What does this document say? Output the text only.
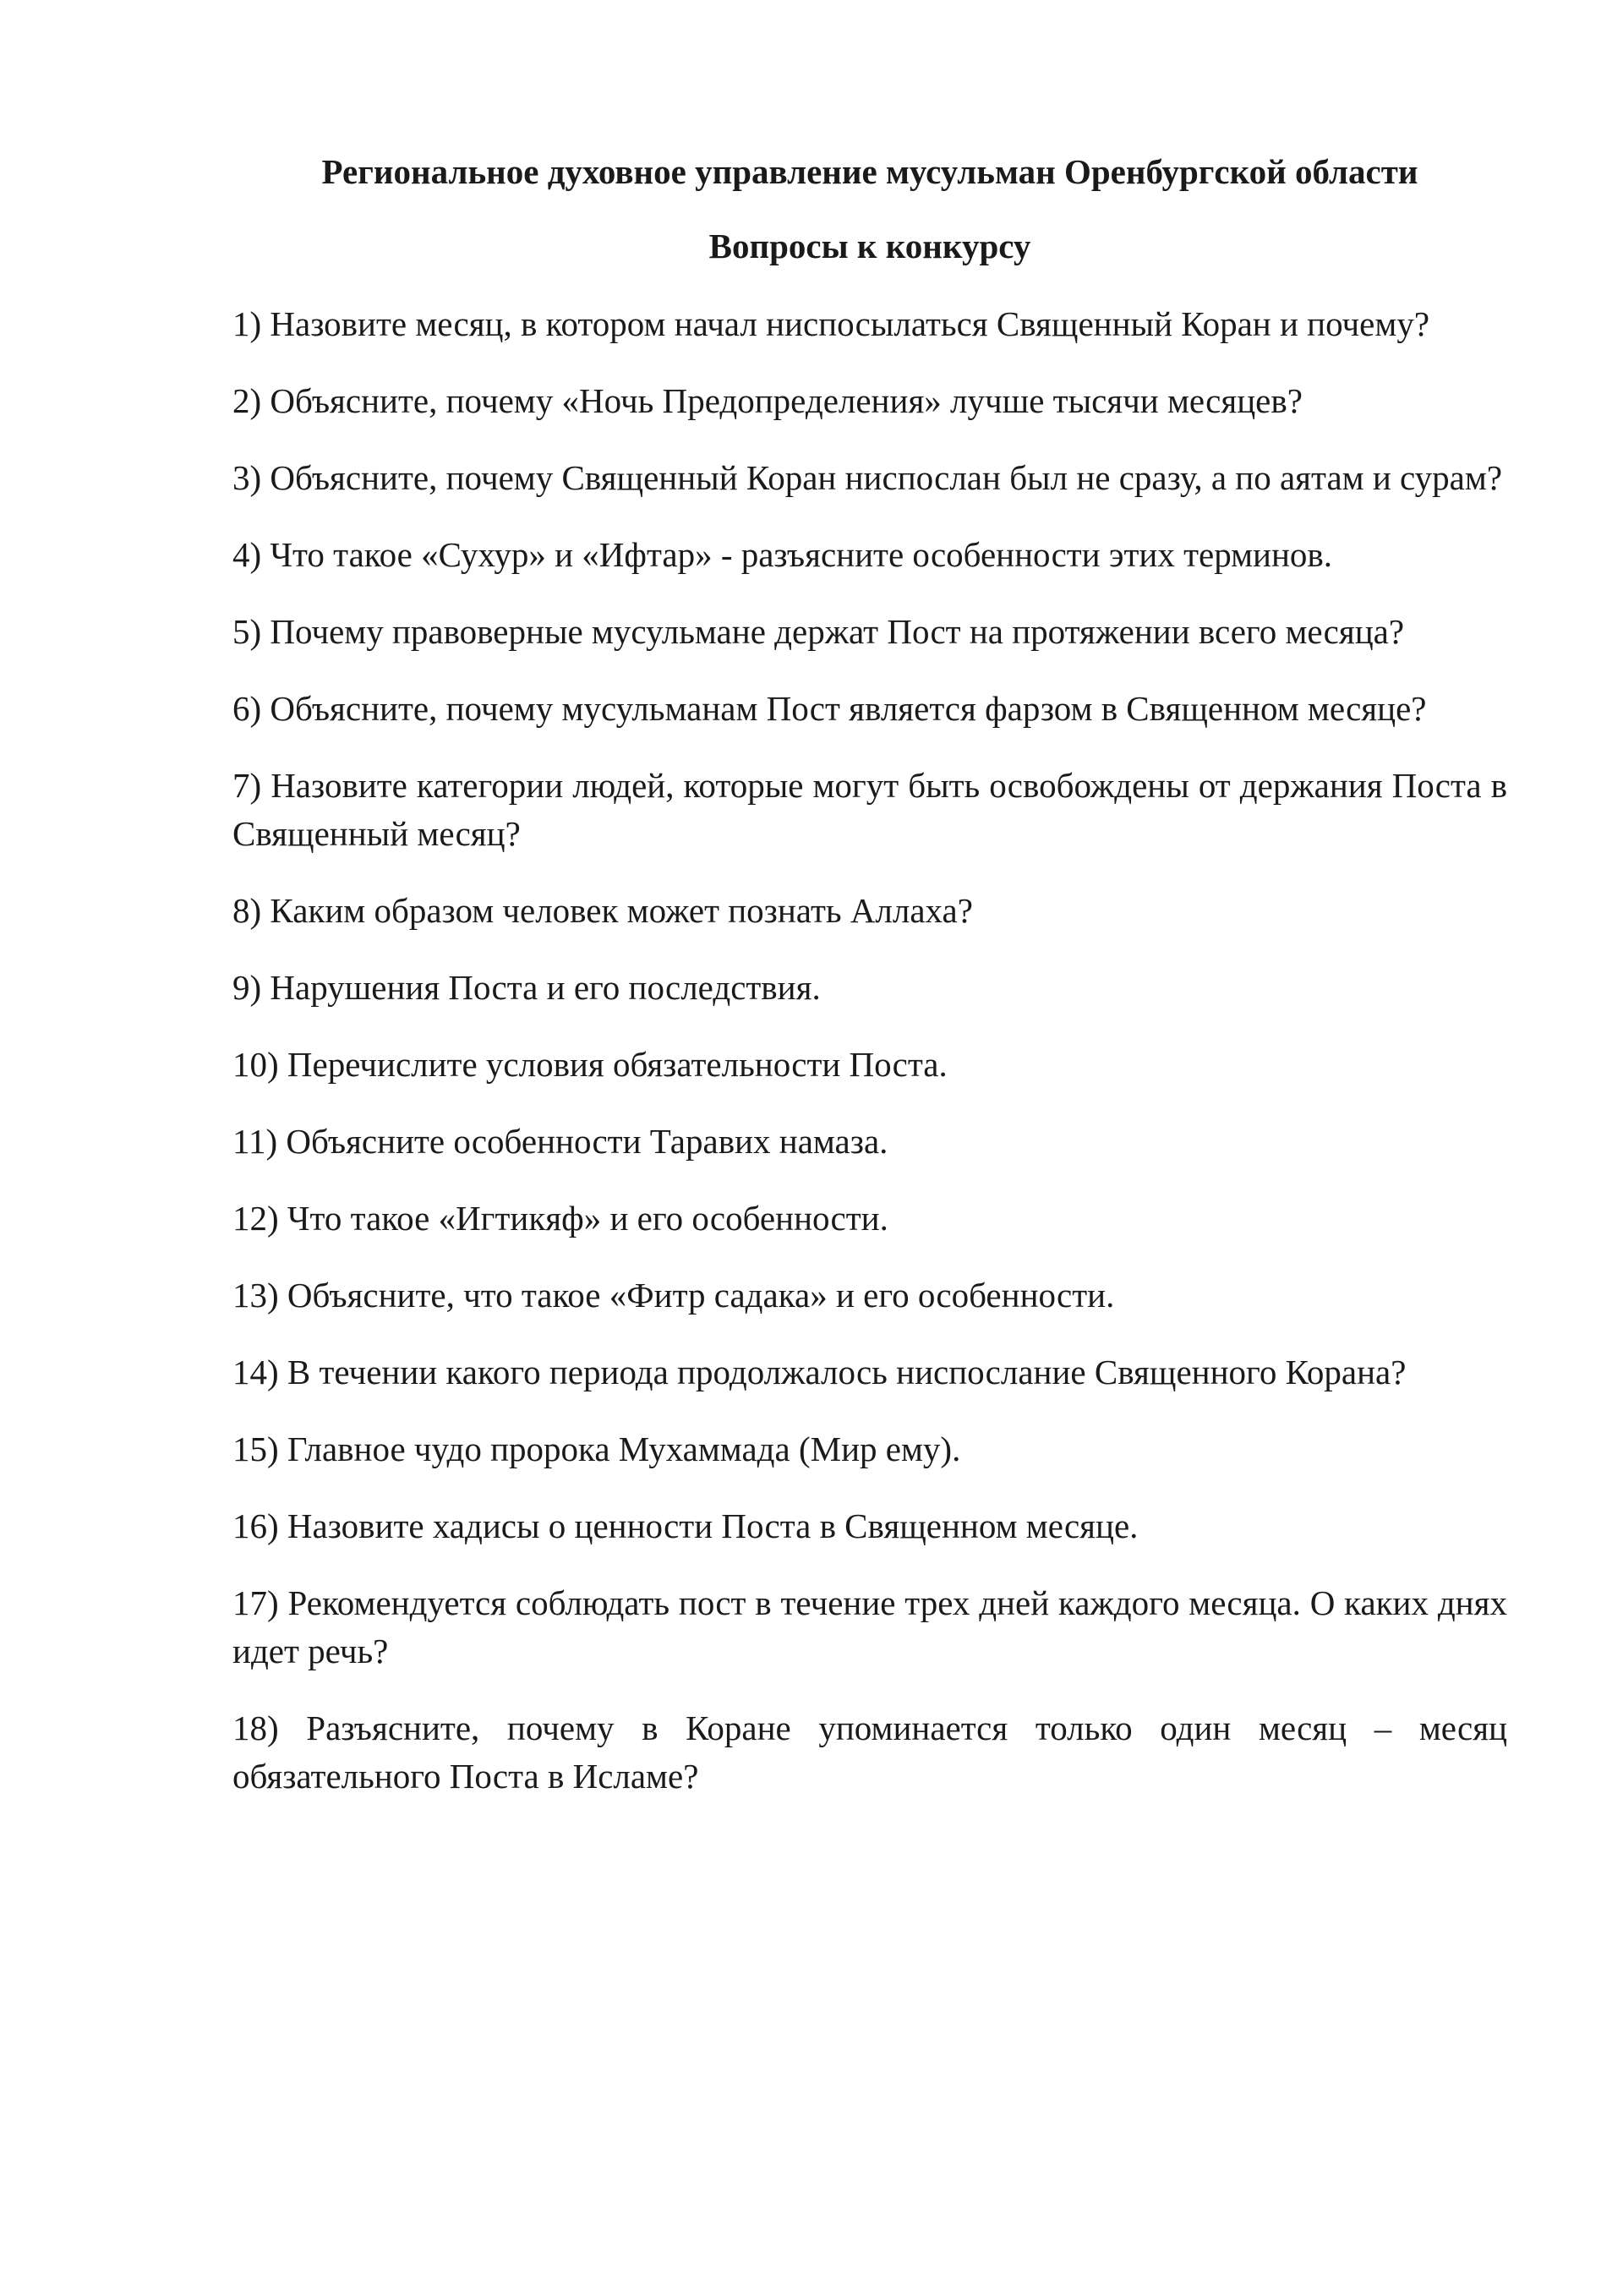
Региональное духовное управление мусульман Оренбургской области

Вопросы к конкурсу

1) Назовите месяц, в котором начал ниспосылаться Священный Коран и почему?
2) Объясните, почему «Ночь Предопределения» лучше тысячи месяцев?
3) Объясните, почему Священный Коран ниспослан был не сразу, а по аятам и сурам?
4) Что такое «Сухур» и «Ифтар» - разъясните особенности этих терминов.
5) Почему правоверные мусульмане держат Пост на протяжении всего месяца?
6) Объясните, почему мусульманам Пост является фарзом в Священном месяце?
7) Назовите категории людей, которые могут быть освобождены от держания Поста в Священный месяц?
8) Каким образом человек может познать Аллаха?
9) Нарушения Поста и его последствия.
10) Перечислите условия обязательности Поста.
11) Объясните особенности Таравих намаза.
12) Что такое «Игтикяф» и его особенности.
13) Объясните, что такое «Фитр садака» и его особенности.
14) В течении какого периода продолжалось ниспослание Священного Корана?
15) Главное чудо пророка Мухаммада (Мир ему).
16) Назовите хадисы о ценности Поста в Священном месяце.
17) Рекомендуется соблюдать пост в течение трех дней каждого месяца. О каких днях идет речь?
18) Разъясните, почему в Коране упоминается только один месяц – месяц обязательного Поста в Исламе?
